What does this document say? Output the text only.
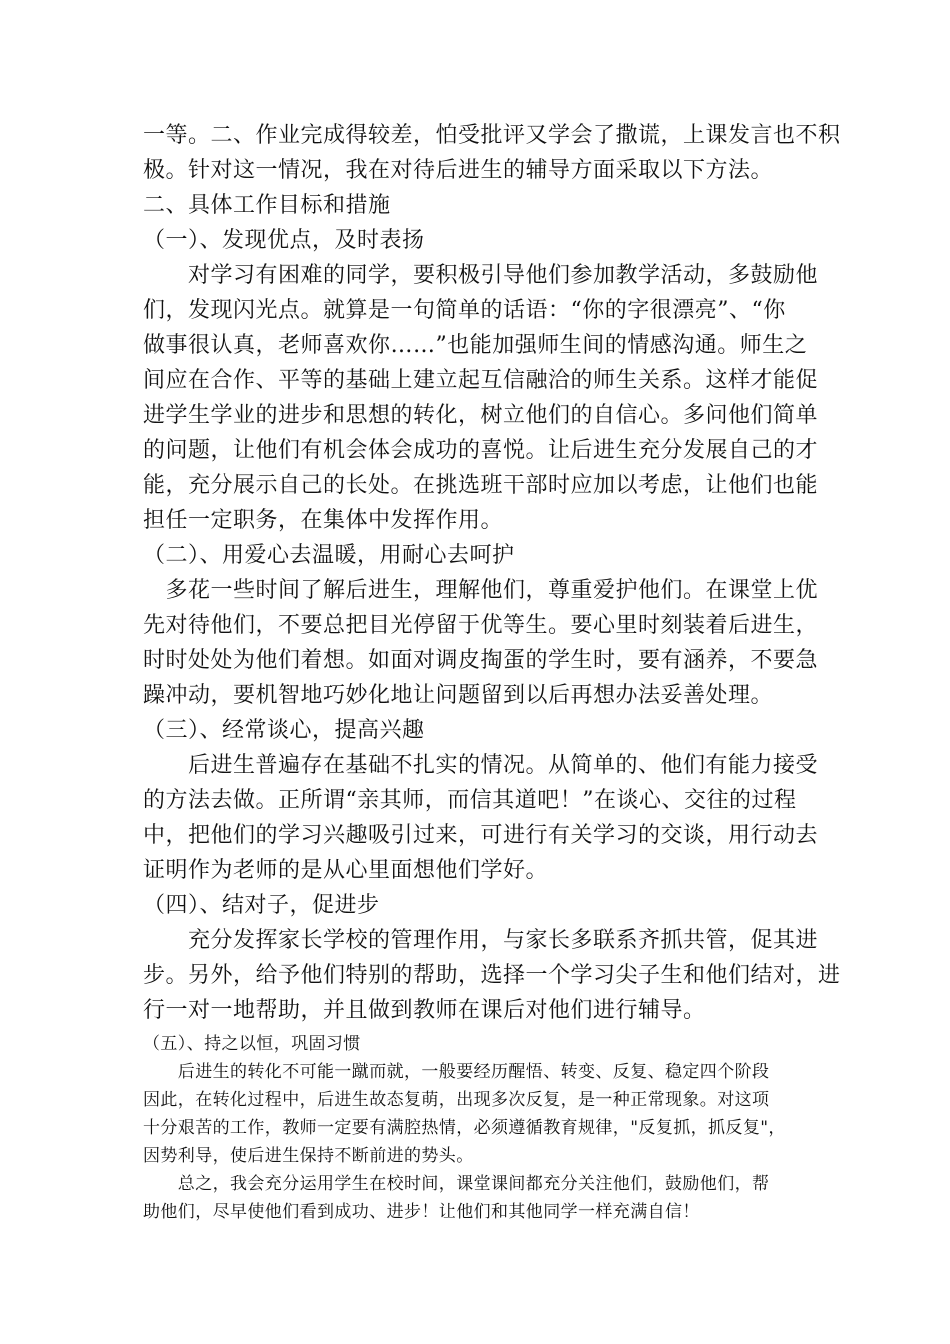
一等。二、作业完成得较差，怕受批评又学会了撒谎，上课发言也不积

极。针对这一情况，我在对待后进生的辅导方面采取以下方法。

二、具体工作目标和措施

（一）、发现优点，及时表扬

　　对学习有困难的同学，要积极引导他们参加教学活动，多鼓励他

们，发现闪光点。就算是一句简单的话语：“你的字很漂亮”、“你

做事很认真，老师喜欢你……”也能加强师生间的情感沟通。师生之

间应在合作、平等的基础上建立起互信融洽的师生关系。这样才能促

进学生学业的进步和思想的转化，树立他们的自信心。多问他们简单

的问题，让他们有机会体会成功的喜悦。让后进生充分发展自己的才

能，充分展示自己的长处。在挑选班干部时应加以考虑，让他们也能

担任一定职务，在集体中发挥作用。

（二）、用爱心去温暖，用耐心去呵护

　多花一些时间了解后进生，理解他们，尊重爱护他们。在课堂上优

先对待他们，不要总把目光停留于优等生。要心里时刻装着后进生，

时时处处为他们着想。如面对调皮掏蛋的学生时，要有涵养，不要急

躁冲动，要机智地巧妙化地让问题留到以后再想办法妥善处理。

（三）、经常谈心，提高兴趣

　　后进生普遍存在基础不扎实的情况。从简单的、他们有能力接受

的方法去做。正所谓“亲其师，而信其道吧！”在谈心、交往的过程

中，把他们的学习兴趣吸引过来，可进行有关学习的交谈，用行动去

证明作为老师的是从心里面想他们学好。

（四）、结对子，促进步

　　充分发挥家长学校的管理作用，与家长多联系齐抓共管，促其进

步。另外，给予他们特别的帮助，选择一个学习尖子生和他们结对，进

行一对一地帮助，并且做到教师在课后对他们进行辅导。

（五）、持之以恒，巩固习惯

　　后进生的转化不可能一蹴而就，一般要经历醒悟、转变、反复、稳定四个阶段

因此，在转化过程中，后进生故态复萌，出现多次反复，是一种正常现象。对这项

十分艰苦的工作，教师一定要有满腔热情，必须遵循教育规律，"反复抓，抓反复"，

因势利导，使后进生保持不断前进的势头。

　　总之，我会充分运用学生在校时间，课堂课间都充分关注他们，鼓励他们，帮

助他们，尽早使他们看到成功、进步！让他们和其他同学一样充满自信！
